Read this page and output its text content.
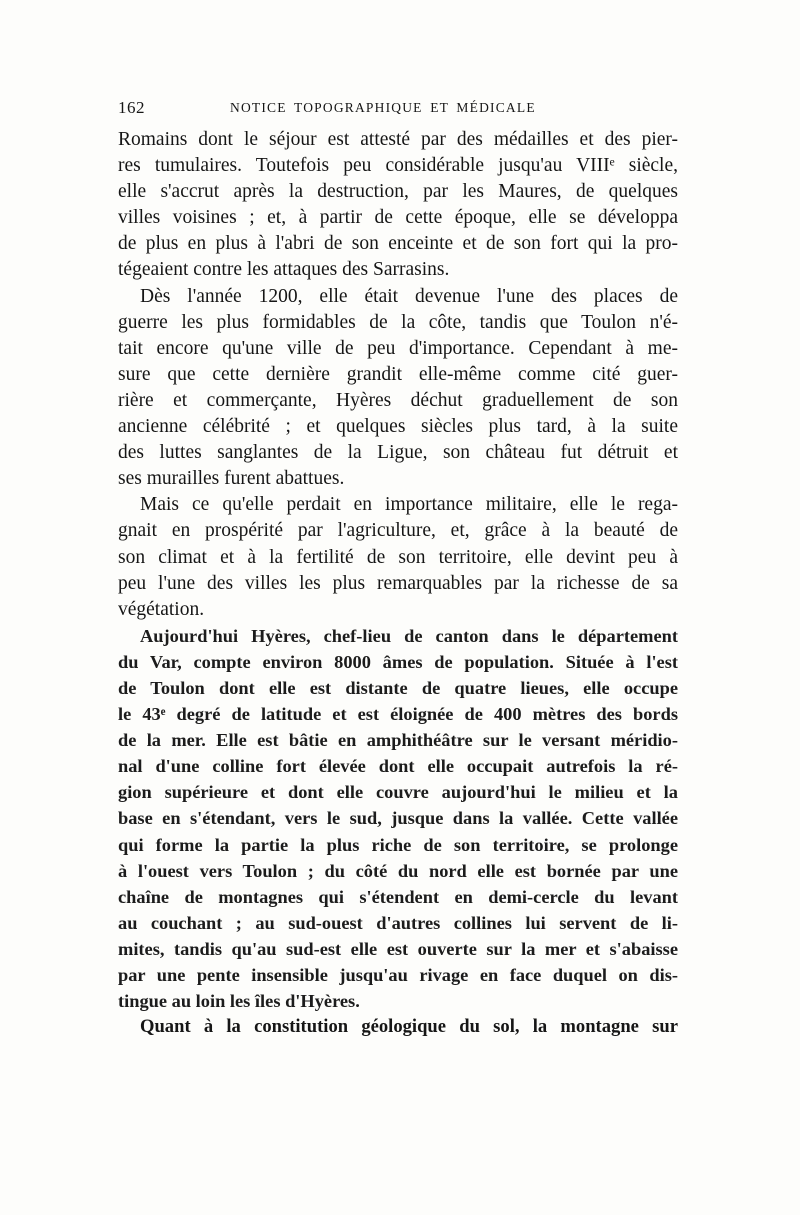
162	NOTICE TOPOGRAPHIQUE ET MÉDICALE
Romains dont le séjour est attesté par des médailles et des pier-
res tumulaires. Toutefois peu considérable jusqu'au VIIIᵉ siècle,
elle s'accrut après la destruction, par les Maures, de quelques
villes voisines ; et, à partir de cette époque, elle se développa
de plus en plus à l'abri de son enceinte et de son fort qui la pro-
tégeaient contre les attaques des Sarrasins.
Dès l'année 1200, elle était devenue l'une des places de
guerre les plus formidables de la côte, tandis que Toulon n'é-
tait encore qu'une ville de peu d'importance. Cependant à me-
sure que cette dernière grandit elle-même comme cité guer-
rière et commerçante, Hyères déchut graduellement de son
ancienne célébrité ; et quelques siècles plus tard, à la suite
des luttes sanglantes de la Ligue, son château fut détruit et
ses murailles furent abattues.
Mais ce qu'elle perdait en importance militaire, elle le rega-
gnait en prospérité par l'agriculture, et, grâce à la beauté de
son climat et à la fertilité de son territoire, elle devint peu à
peu l'une des villes les plus remarquables par la richesse de sa
végétation.
Aujourd'hui Hyères, chef-lieu de canton dans le département
du Var, compte environ 8000 âmes de population. Située à l'est
de Toulon dont elle est distante de quatre lieues, elle occupe
le 43ᵉ degré de latitude et est éloignée de 400 mètres des bords
de la mer. Elle est bâtie en amphithéâtre sur le versant méridio-
nal d'une colline fort élevée dont elle occupait autrefois la ré-
gion supérieure et dont elle couvre aujourd'hui le milieu et la
base en s'étendant, vers le sud, jusque dans la vallée. Cette vallée
qui forme la partie la plus riche de son territoire, se prolonge
à l'ouest vers Toulon ; du côté du nord elle est bornée par une
chaîne de montagnes qui s'étendent en demi-cercle du levant
au couchant ; au sud-ouest d'autres collines lui servent de li-
mites, tandis qu'au sud-est elle est ouverte sur la mer et s'abaisse
par une pente insensible jusqu'au rivage en face duquel on dis-
tingue au loin les îles d'Hyères.
Quant à la constitution géologique du sol, la montagne sur
